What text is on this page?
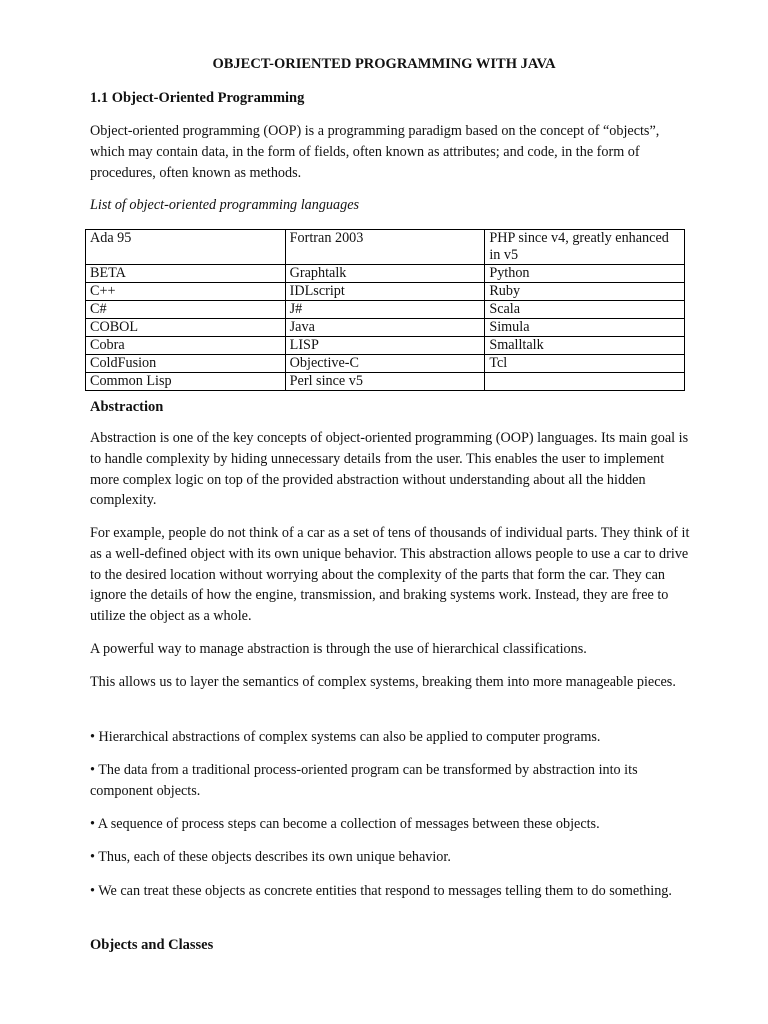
OBJECT-ORIENTED PROGRAMMING WITH JAVA
1.1 Object-Oriented Programming

Object-oriented programming (OOP) is a programming paradigm based on the concept of “objects”, which may contain data, in the form of fields, often known as attributes; and code, in the form of procedures, often known as methods.

List of object-oriented programming languages

Ada 95	Fortran 2003	PHP since v4, greatly enhanced in v5
BETA	Graphtalk	Python
C++	IDLscript	Ruby
C#	J#	Scala
COBOL	Java	Simula
Cobra	LISP	Smalltalk
ColdFusion	Objective-C	Tcl
Common Lisp	Perl since v5	
Abstraction

Abstraction is one of the key concepts of object-oriented programming (OOP) languages. Its main goal is to handle complexity by hiding unnecessary details from the user. This enables the user to implement more complex logic on top of the provided abstraction without understanding about all the hidden complexity.

For example, people do not think of a car as a set of tens of thousands of individual parts. They think of it as a well-defined object with its own unique behavior. This abstraction allows people to use a car to drive to the desired location without worrying about the complexity of the parts that form the car. They can ignore the details of how the engine, transmission, and braking systems work. Instead, they are free to utilize the object as a whole.

A powerful way to manage abstraction is through the use of hierarchical classifications.

This allows us to layer the semantics of complex systems, breaking them into more manageable pieces.

• Hierarchical abstractions of complex systems can also be applied to computer programs.

• The data from a traditional process-oriented program can be transformed by abstraction into its component objects.

• A sequence of process steps can become a collection of messages between these objects.

• Thus, each of these objects describes its own unique behavior.

• We can treat these objects as concrete entities that respond to messages telling them to do something.

Objects and Classes
